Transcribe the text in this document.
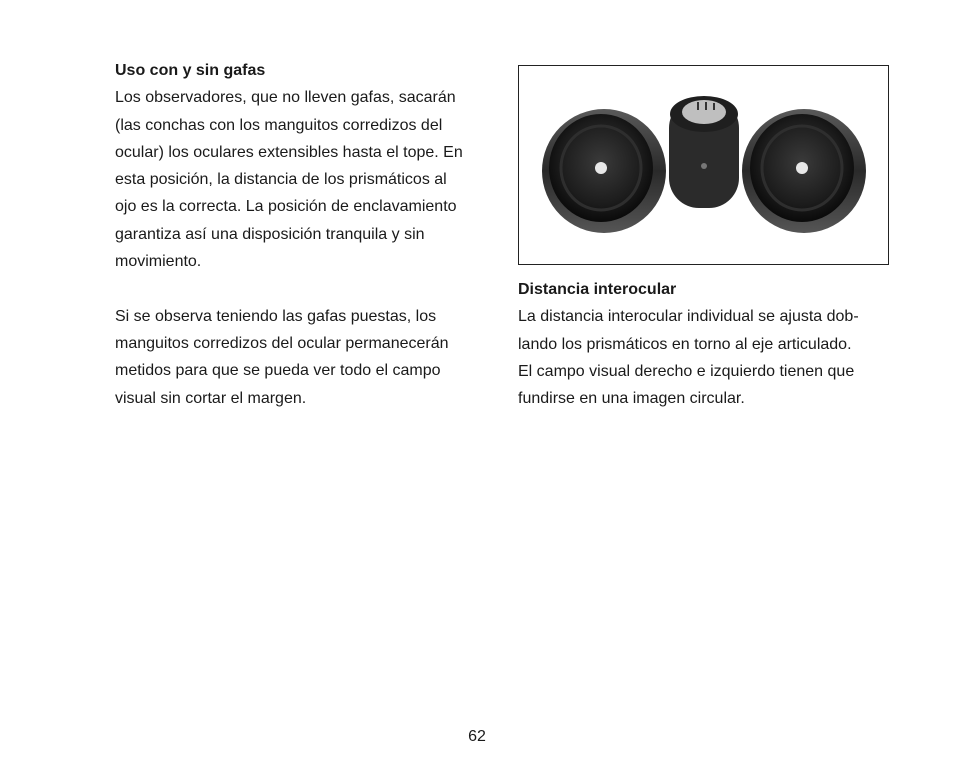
Uso con y sin gafas

Los observadores, que no lleven gafas, sacarán
(las conchas con los manguitos corredizos del
ocular) los oculares extensibles hasta el tope. En
esta posición, la distancia de los prismáticos al
ojo es la correcta. La posición de enclavamiento
garantiza así una disposición tranquila y sin
movimiento.

Si se observa teniendo las gafas puestas, los
manguitos corredizos del ocular permanecerán
metidos para que se pueda ver todo el campo
visual sin cortar el margen.

Distancia interocular

La distancia interocular individual se ajusta dob-
lando los prismáticos en torno al eje articulado.
El campo visual derecho e izquierdo tienen que
fundirse en una imagen circular.

62
